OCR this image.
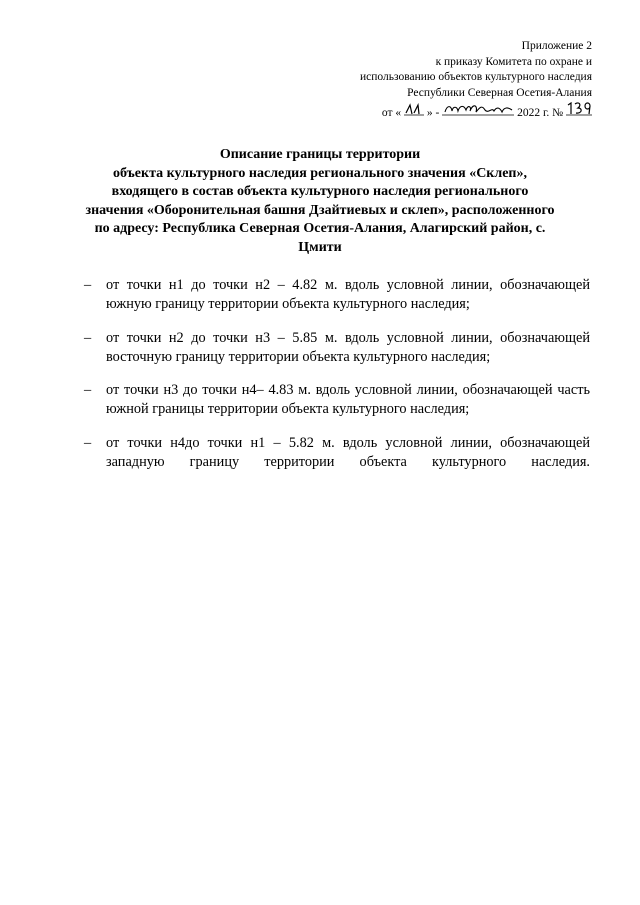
Приложение 2
к приказу Комитета по охране и
использованию объектов культурного наследия
Республики Северная Осетия-Алания
от « » -	2022 г. №
Описание границы территории
объекта культурного наследия регионального значения «Склеп»,
входящего в состав объекта культурного наследия регионального
значения «Оборонительная башня Дзайтиевых и склеп», расположенного
по адресу: Республика Северная Осетия-Алания, Алагирский район, с.
Цмити
– от точки н1 до точки н2 – 4.82 м. вдоль условной линии, обозначающей южную границу территории объекта культурного наследия;
– от точки н2 до точки н3 – 5.85 м. вдоль условной линии, обозначающей восточную границу территории объекта культурного наследия;
– от точки н3 до точки н4– 4.83 м. вдоль условной линии, обозначающей часть южной границы территории объекта культурного наследия;
– от точки н4до точки н1 – 5.82 м. вдоль условной линии, обозначающей западную границу территории объекта культурного наследия.
